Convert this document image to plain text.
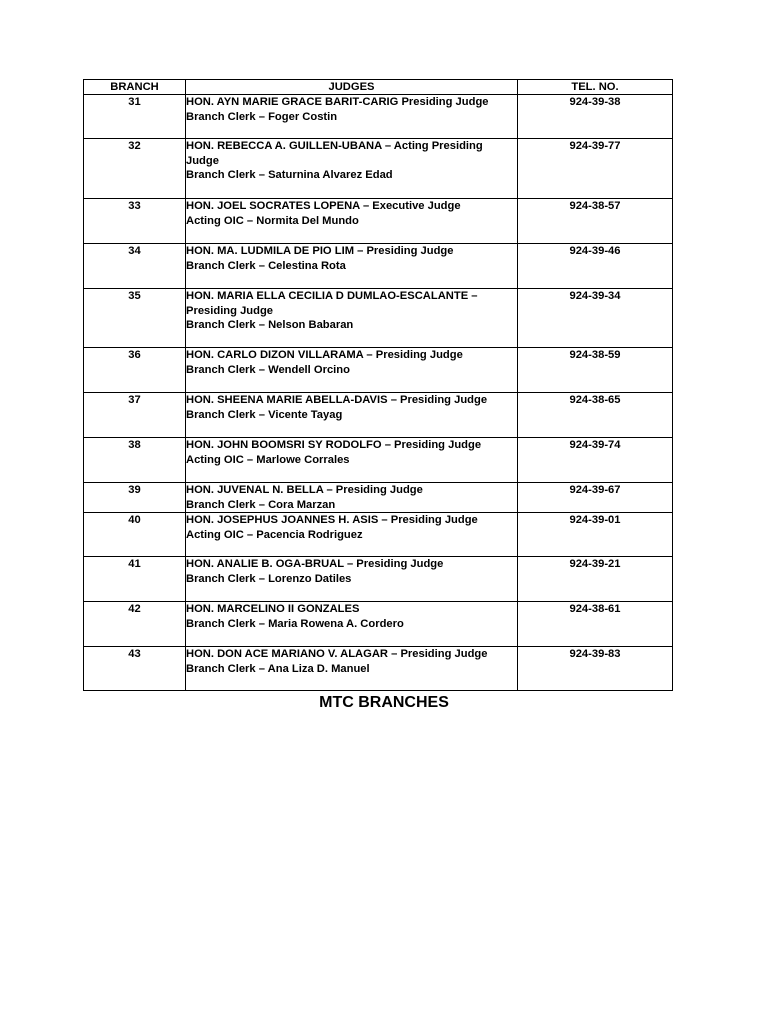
BRANCH	JUDGES	TEL. NO.
31	HON. AYN MARIE GRACE BARIT-CARIG Presiding Judge
Branch Clerk – Foger Costin	924-39-38
32	HON. REBECCA A. GUILLEN-UBANA – Acting Presiding Judge
Branch Clerk – Saturnina Alvarez Edad	924-39-77
33	HON. JOEL SOCRATES LOPENA – Executive Judge
Acting OIC – Normita Del Mundo	924-38-57
34	HON. MA. LUDMILA DE PIO LIM – Presiding Judge
Branch Clerk – Celestina Rota	924-39-46
35	HON. MARIA ELLA CECILIA D DUMLAO-ESCALANTE – Presiding Judge
Branch Clerk – Nelson Babaran	924-39-34
36	HON. CARLO DIZON VILLARAMA – Presiding Judge
Branch Clerk – Wendell Orcino	924-38-59
37	HON. SHEENA MARIE ABELLA-DAVIS – Presiding Judge
Branch Clerk – Vicente Tayag	924-38-65
38	HON. JOHN BOOMSRI SY RODOLFO – Presiding Judge
Acting OIC – Marlowe Corrales	924-39-74
39	HON. JUVENAL N. BELLA – Presiding Judge
Branch Clerk – Cora Marzan	924-39-67
40	HON. JOSEPHUS JOANNES H. ASIS – Presiding Judge
Acting OIC – Pacencia Rodriguez	924-39-01
41	HON. ANALIE B. OGA-BRUAL – Presiding Judge
Branch Clerk – Lorenzo Datiles	924-39-21
42	HON. MARCELINO II GONZALES
Branch Clerk – Maria Rowena A. Cordero	924-38-61
43	HON. DON ACE MARIANO V. ALAGAR – Presiding Judge
Branch Clerk – Ana Liza D. Manuel	924-39-83
MTC BRANCHES
